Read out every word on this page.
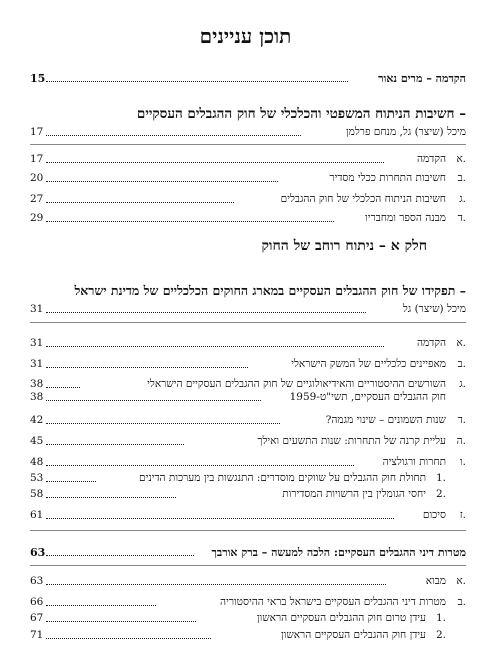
תוכן עניינים
15	הקדמה – מרים נאור
חשיבות הניתוח המשפטי והכלכלי של חוק ההגבלים העסקיים –
17	מיכל (שיצר) גל, מנחם פרלמן
17	הקדמה א.
20	חשיבות התחרות ככלי מסדיר	ב.
27	חשיבות הניתוח הכלכלי של חוק ההגבלים	ג.
29	מבנה הספר ומחבריו	ד.
חלק א – ניתוח רוחב של החוק
תפקידו של חוק ההגבלים העסקיים במארג החוקים הכלכליים של מדינת ישראל –
31	מיכל (שיצר) גל
31	הקדמה א.
31	מאפיינים כלכליים של המשק הישראלי	ב.
38	השורשים ההיסטוריים והאידיאולוגיים של חוק ההגבלים העסקיים הישראלי	ג.
38	חוק ההגבלים העסקיים, תשי"ט-1959
42	שנות השמונים – שינוי מגמה?	ד.
45	עליית קרנה של התחרות: שנות התשעים ואילך	ה.
48	תחרות ורגולציה	ו.
53	תחולת חוק ההגבלים על שווקים מוסדרים: התנגשות בין מערכות הדינים 1.
58	יחסי הגומלין בין הרשויות המסדירות 2.
61	סיכום	ז.
63	מטרות דיני ההגבלים העסקיים: הלכה למעשה – ברק אורבך
63	מבוא א.
66	מטרות דיני ההגבלים העסקיים בישראל בראי ההיסטוריה	ב.
67	עידן טרום חוק ההגבלים העסקיים הראשון 1.
71	עידן חוק ההגבלים העסקיים הראשון 2.
